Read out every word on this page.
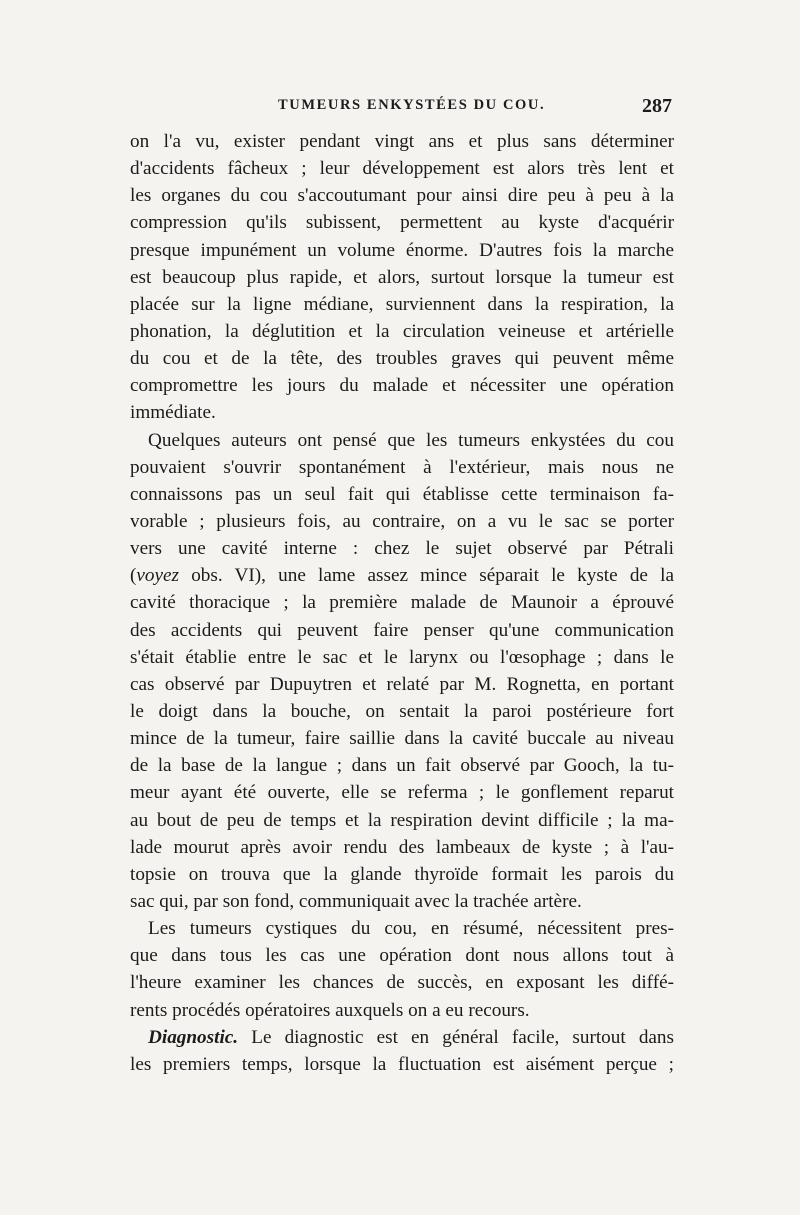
TUMEURS ENKYSTÉES DU COU.	287
on l'a vu, exister pendant vingt ans et plus sans déterminer
d'accidents fâcheux ; leur développement est alors très lent et
les organes du cou s'accoutumant pour ainsi dire peu à peu à la
compression qu'ils subissent, permettent au kyste d'acquérir
presque impunément un volume énorme. D'autres fois la marche
est beaucoup plus rapide, et alors, surtout lorsque la tumeur est
placée sur la ligne médiane, surviennent dans la respiration, la
phonation, la déglutition et la circulation veineuse et artérielle
du cou et de la tête, des troubles graves qui peuvent même
compromettre les jours du malade et nécessiter une opération
immédiate.
Quelques auteurs ont pensé que les tumeurs enkystées du cou
pouvaient s'ouvrir spontanément à l'extérieur, mais nous ne
connaissons pas un seul fait qui établisse cette terminaison fa-
vorable ; plusieurs fois, au contraire, on a vu le sac se porter
vers une cavité interne : chez le sujet observé par Pétrali
(voyez obs. VI), une lame assez mince séparait le kyste de la
cavité thoracique ; la première malade de Maunoir a éprouvé
des accidents qui peuvent faire penser qu'une communication
s'était établie entre le sac et le larynx ou l'œsophage ; dans le
cas observé par Dupuytren et relaté par M. Rognetta, en portant
le doigt dans la bouche, on sentait la paroi postérieure fort
mince de la tumeur, faire saillie dans la cavité buccale au niveau
de la base de la langue ; dans un fait observé par Gooch, la tu-
meur ayant été ouverte, elle se referma ; le gonflement reparut
au bout de peu de temps et la respiration devint difficile ; la ma-
lade mourut après avoir rendu des lambeaux de kyste ; à l'au-
topsie on trouva que la glande thyroïde formait les parois du
sac qui, par son fond, communiquait avec la trachée artère.
Les tumeurs cystiques du cou, en résumé, nécessitent pres-
que dans tous les cas une opération dont nous allons tout à
l'heure examiner les chances de succès, en exposant les diffé-
rents procédés opératoires auxquels on a eu recours.
Diagnostic. Le diagnostic est en général facile, surtout dans
les premiers temps, lorsque la fluctuation est aisément perçue ;
